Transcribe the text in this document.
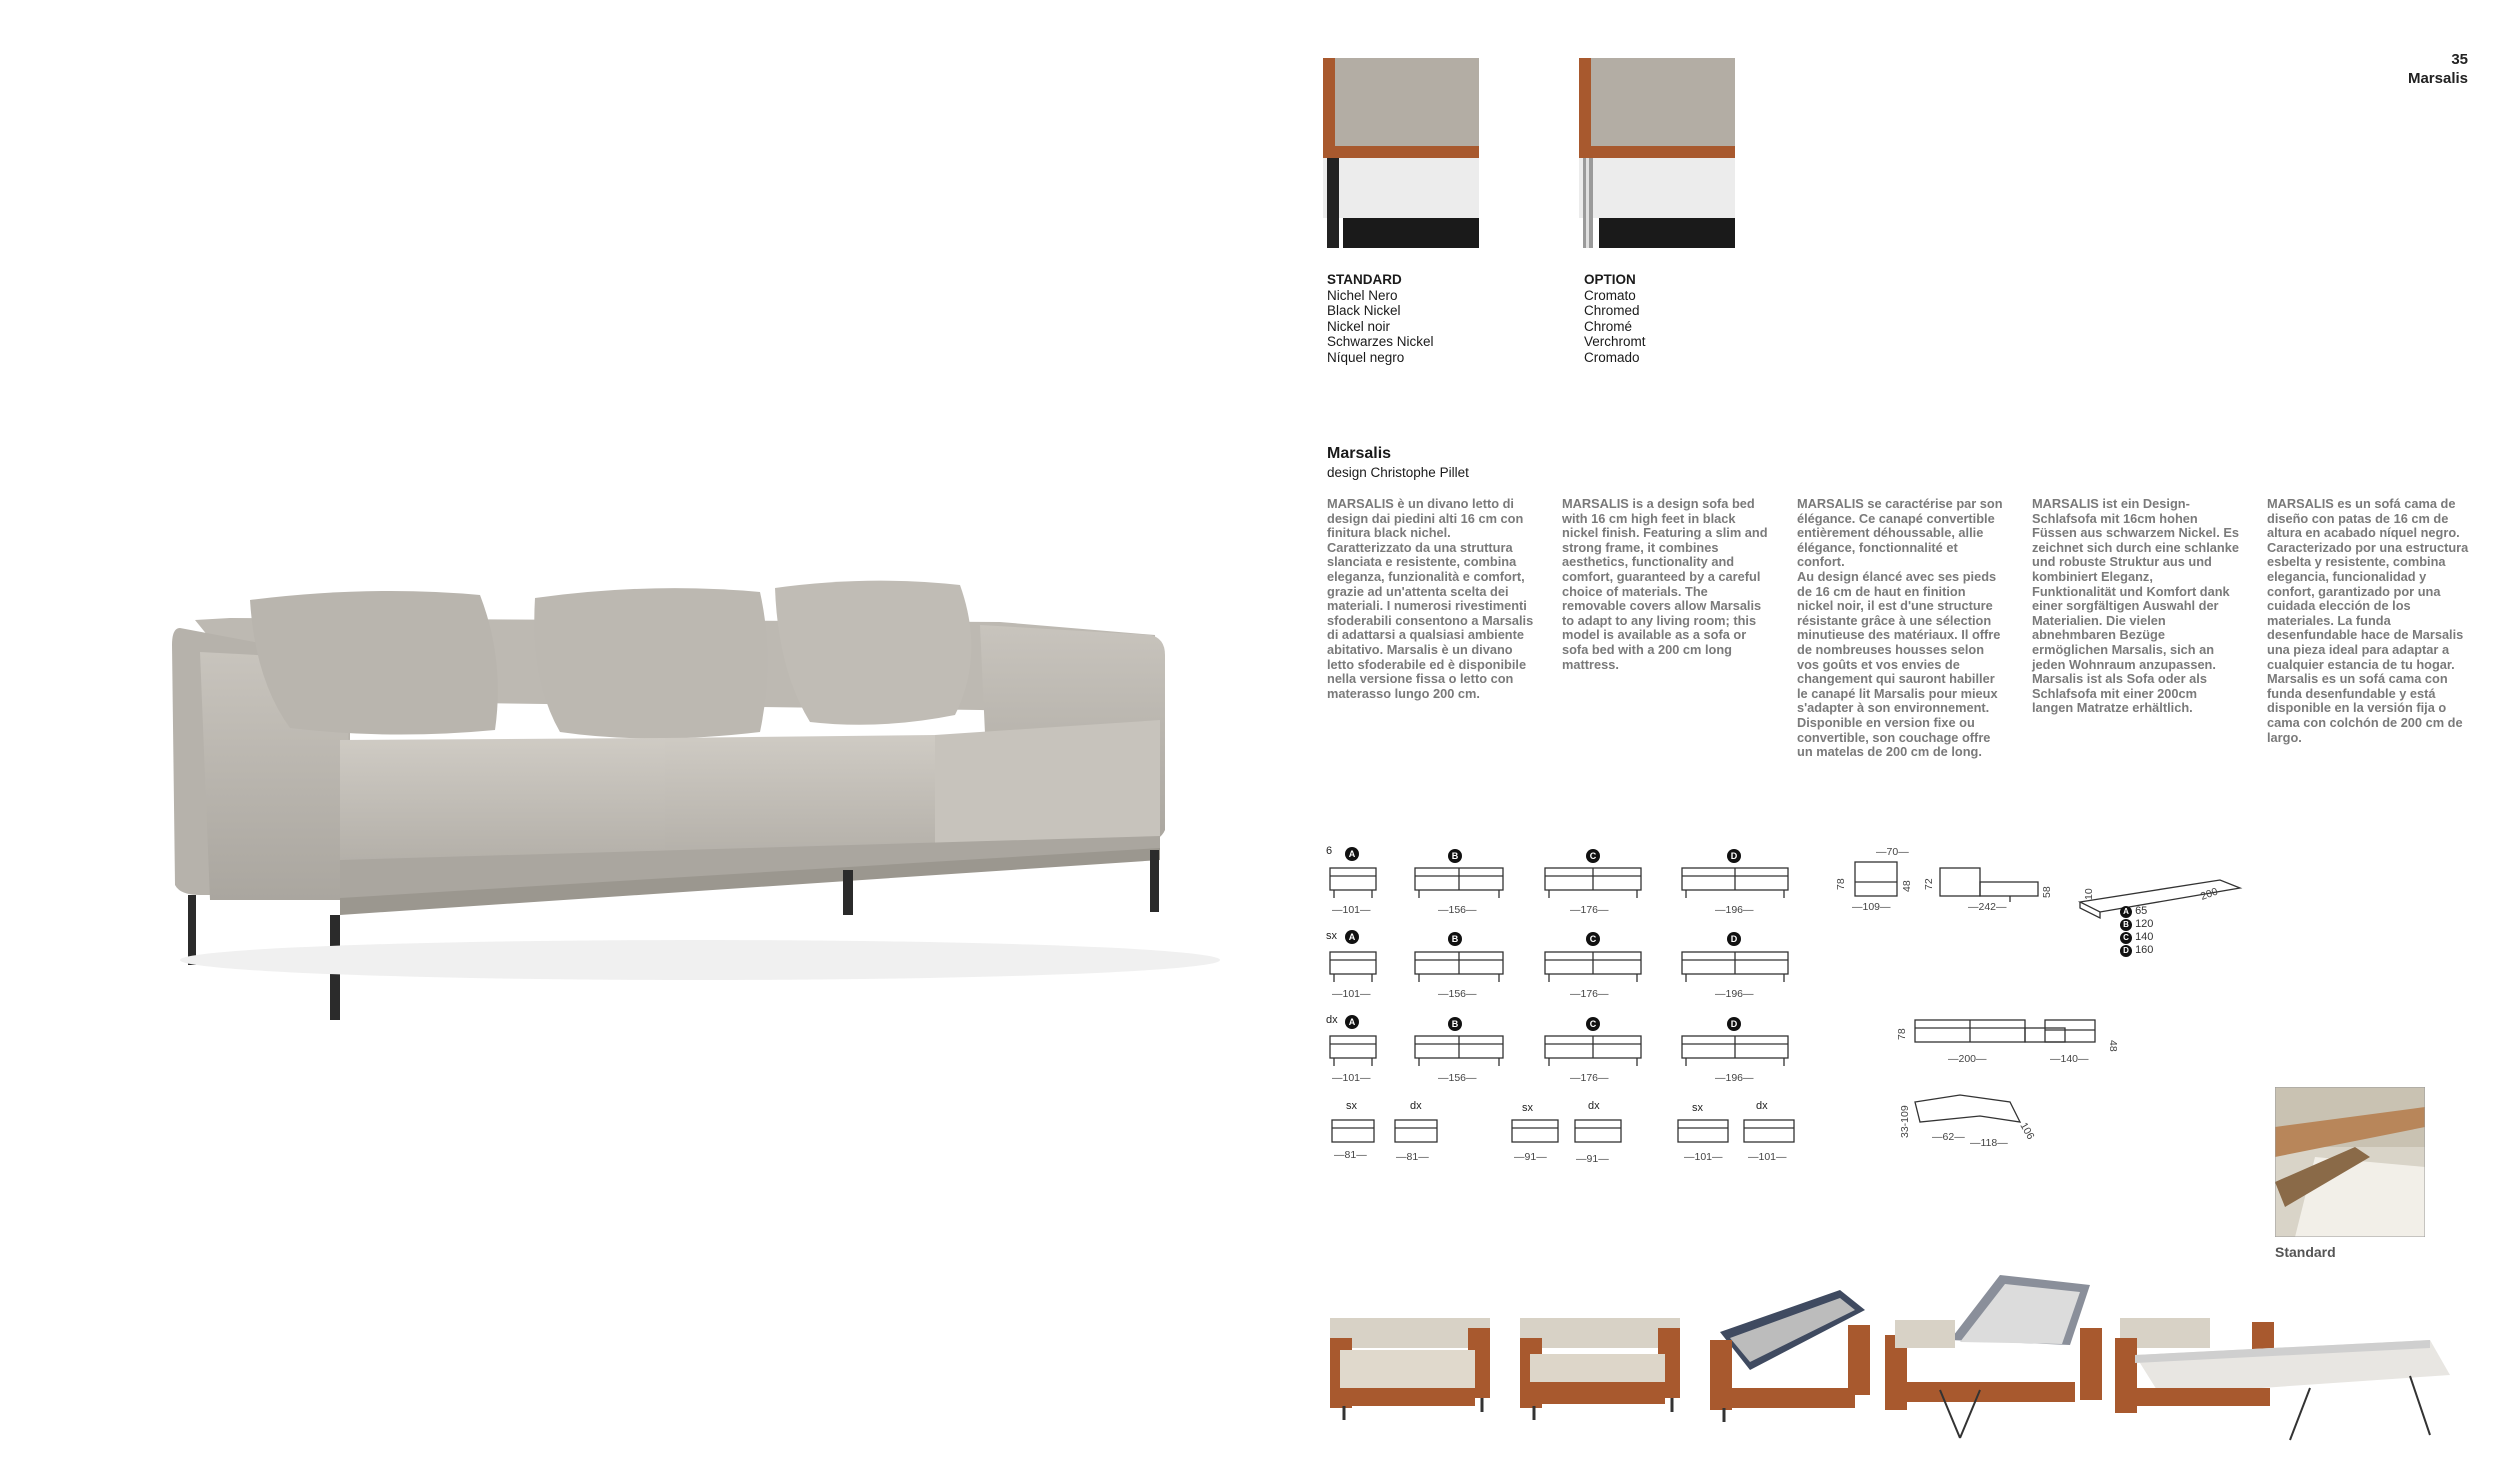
35
Marsalis
STANDARD
Nichel Nero
Black Nickel
Nickel noir
Schwarzes Nickel
Níquel negro
OPTION
Cromato
Chromed
Chromé
Verchromt
Cromado
Marsalis
design Christophe Pillet
MARSALIS è un divano letto di design dai piedini alti 16 cm con finitura black nichel. Caratterizzato da una struttura slanciata e resistente, combina eleganza, funzionalità e comfort, grazie ad un'attenta scelta dei materiali. I numerosi rivestimenti sfoderabili consentono a Marsalis di adattarsi a qualsiasi ambiente abitativo. Marsalis è un divano letto sfoderabile ed è disponibile nella versione fissa o letto con materasso lungo 200 cm.
MARSALIS is a design sofa bed with 16 cm high feet in black nickel finish. Featuring a slim and strong frame, it combines aesthetics, functionality and comfort, guaranteed by a careful choice of materials. The removable covers allow Marsalis to adapt to any living room; this model is available as a sofa or sofa bed with a 200 cm long mattress.
MARSALIS se caractérise par son élégance. Ce canapé convertible entièrement déhoussable, allie élégance, fonctionnalité et confort.
Au design élancé avec ses pieds de 16 cm de haut en finition nickel noir, il est d'une structure résistante grâce à une sélection minutieuse des matériaux. Il offre de nombreuses housses selon vos goûts et vos envies de changement qui sauront habiller le canapé lit Marsalis pour mieux s'adapter à son environnement. Disponible en version fixe ou convertible, son couchage offre un matelas de 200 cm de long.
MARSALIS ist ein Design-Schlafsofa mit 16cm hohen Füssen aus schwarzem Nickel. Es zeichnet sich durch eine schlanke und robuste Struktur aus und kombiniert Eleganz, Funktionalität und Komfort dank einer sorgfältigen Auswahl der Materialien. Die vielen abnehmbaren Bezüge ermöglichen Marsalis, sich an jeden Wohnraum anzupassen. Marsalis ist als Sofa oder als Schlafsofa mit einer 200cm langen Matratze erhältlich.
MARSALIS es un sofá cama de diseño con patas de 16 cm de altura en acabado níquel negro. Caracterizado por una estructura esbelta y resistente, combina elegancia, funcionalidad y confort, garantizado por una cuidada elección de los materiales. La funda desenfundable hace de Marsalis una pieza ideal para adaptar a cualquier estancia de tu hogar. Marsalis es un sofá cama con funda desenfundable y está disponible en la versión fija o cama con colchón de 200 cm de largo.
—101—	—156—	—176—	—196—
—101—	—156—	—176—	—196—
—101—	—156—	—176—	—196—
—81—	—81—	—91—	—91—	—101— —101—
—70—
—109—
78	48
—242—
72
58	10	200
78
—200—	—140—
48
33-109 —62— —118—
106
6	A	B	C	D
sx	A	B	C	D
dx	A	B	C	D
sx	dx	sx	dx	sx	dx
A 65
B 120
C 140
D 160
Standard
